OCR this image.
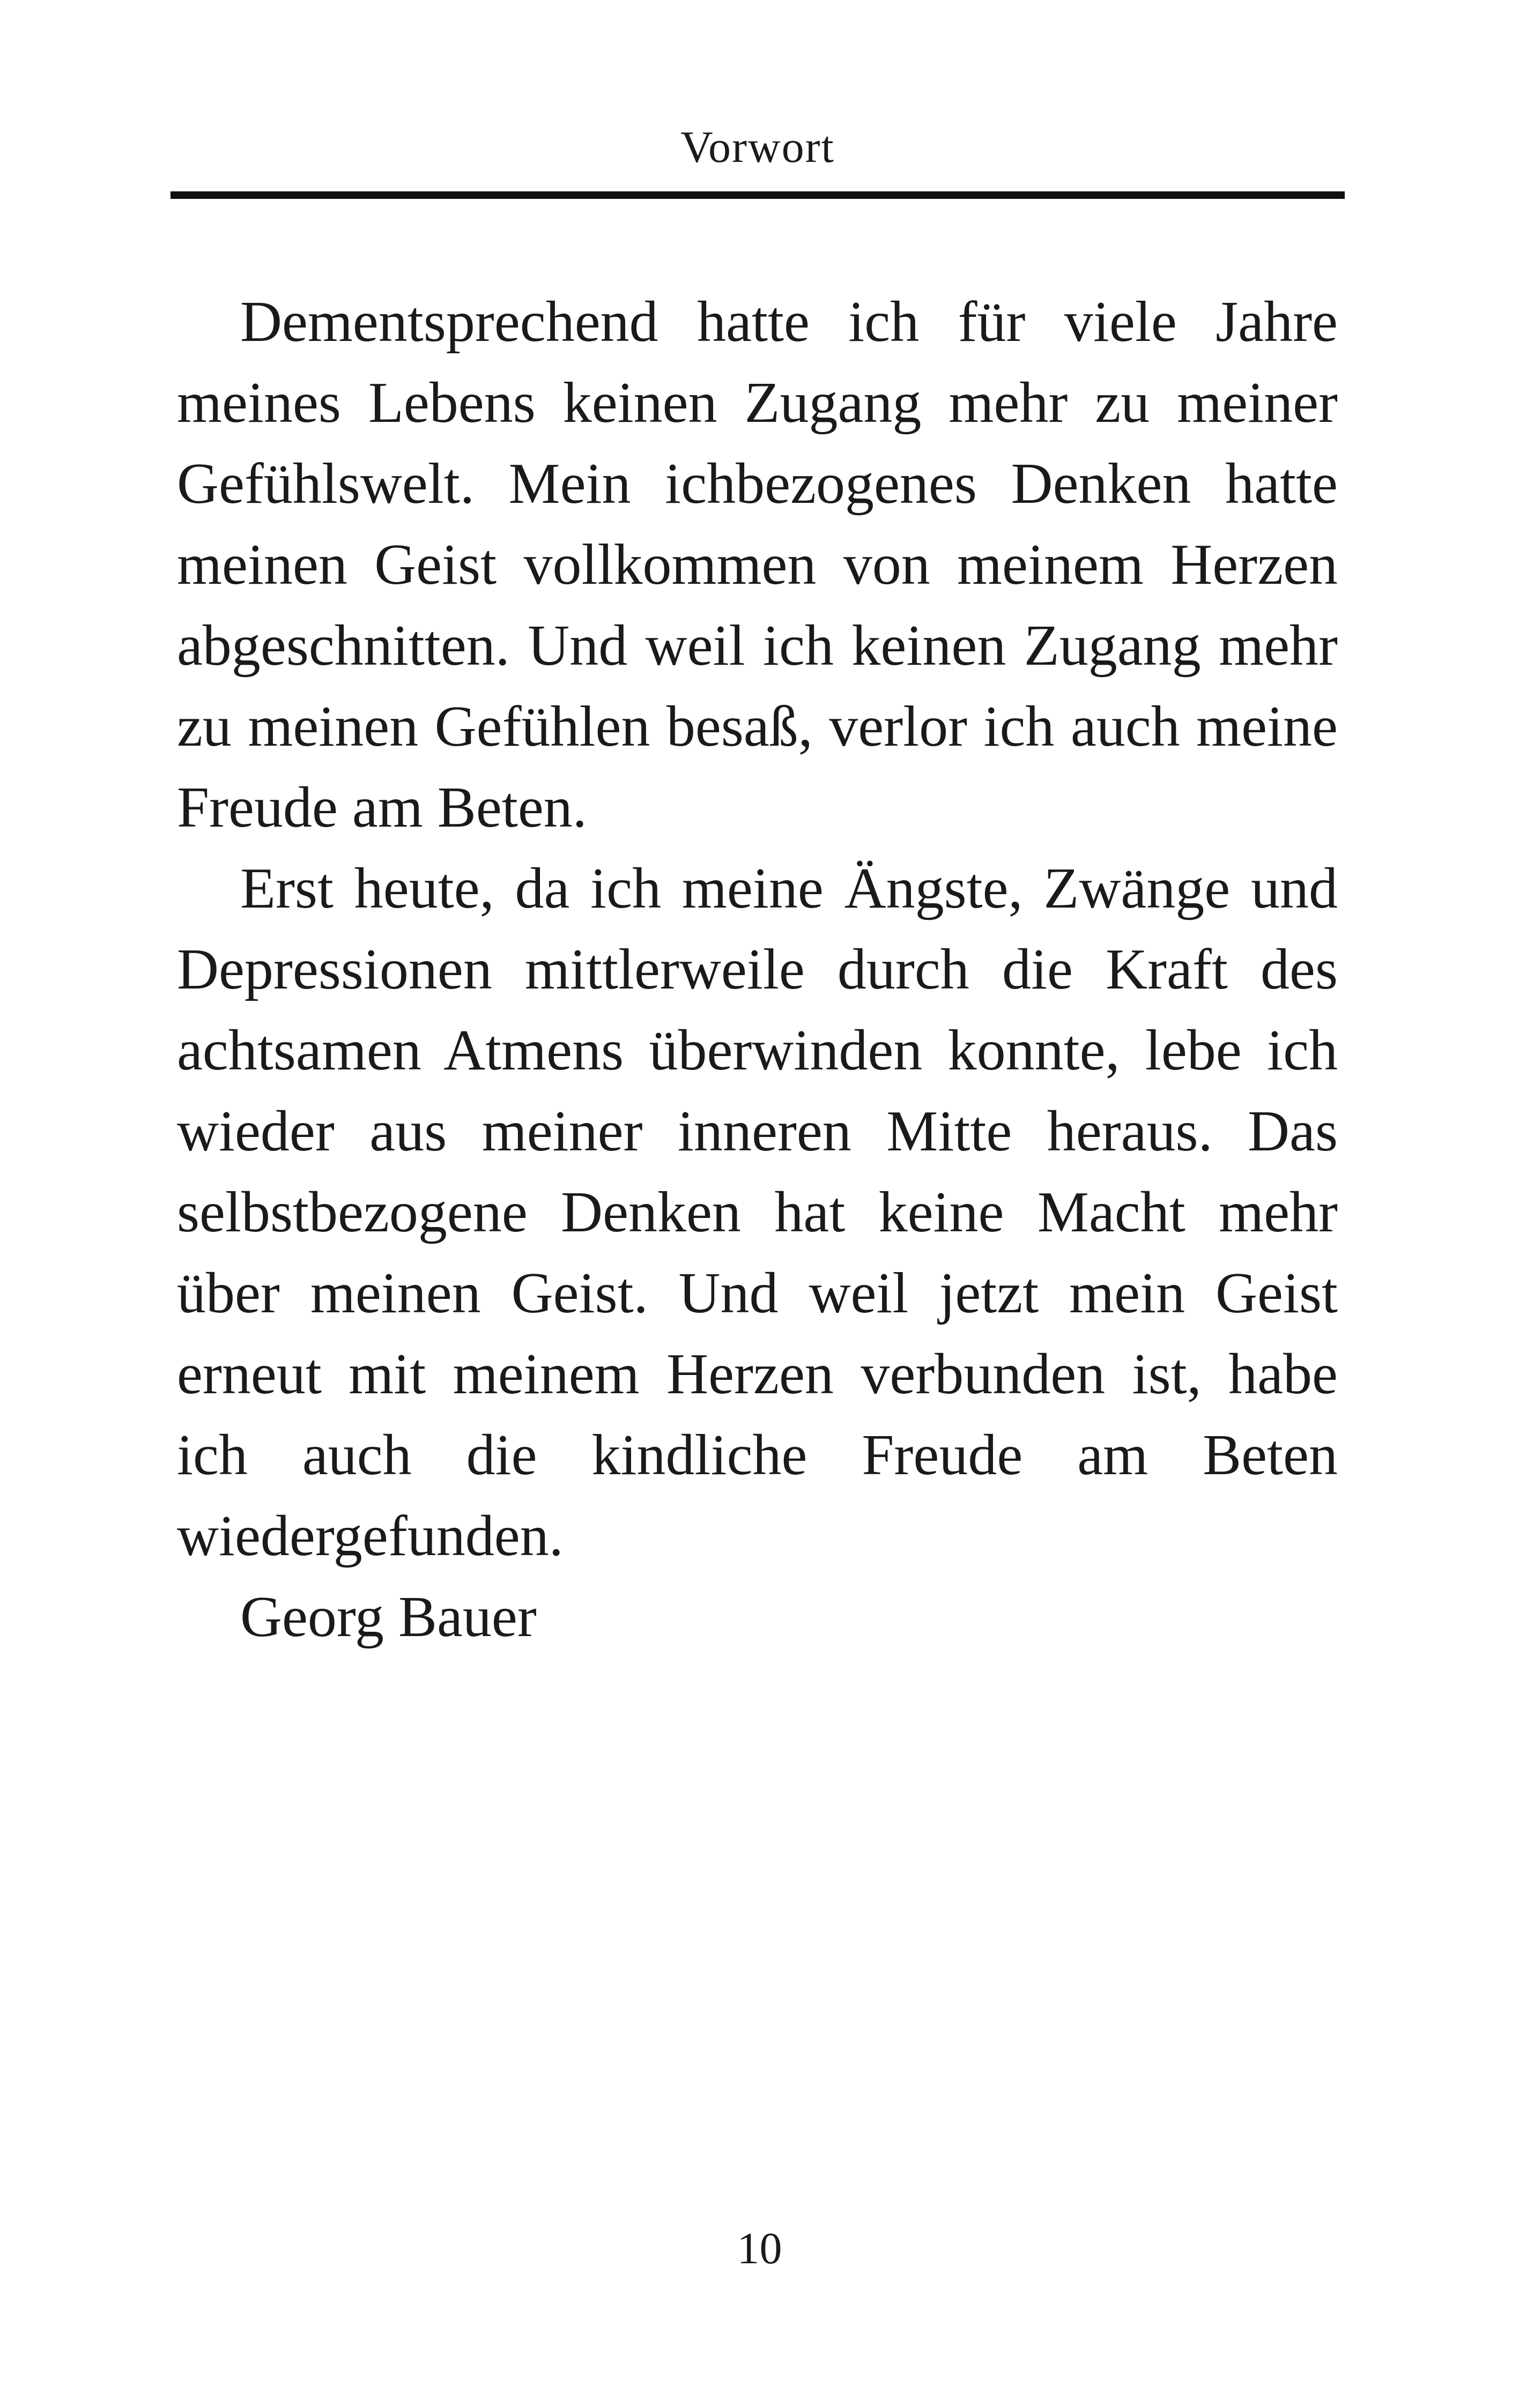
Vorwort

Dementsprechend hatte ich für viele Jahre meines Lebens keinen Zugang mehr zu meiner Gefühlswelt. Mein ichbezogenes Denken hatte meinen Geist vollkommen von meinem Herzen abgeschnitten. Und weil ich keinen Zugang mehr zu meinen Gefühlen besaß, verlor ich auch meine Freude am Beten.

Erst heute, da ich meine Ängste, Zwänge und Depressionen mittlerweile durch die Kraft des achtsamen Atmens überwinden konnte, lebe ich wieder aus meiner inneren Mitte heraus. Das selbstbezogene Denken hat keine Macht mehr über meinen Geist. Und weil jetzt mein Geist erneut mit meinem Herzen verbunden ist, habe ich auch die kindliche Freude am Beten wiedergefunden.

Georg Bauer

10
